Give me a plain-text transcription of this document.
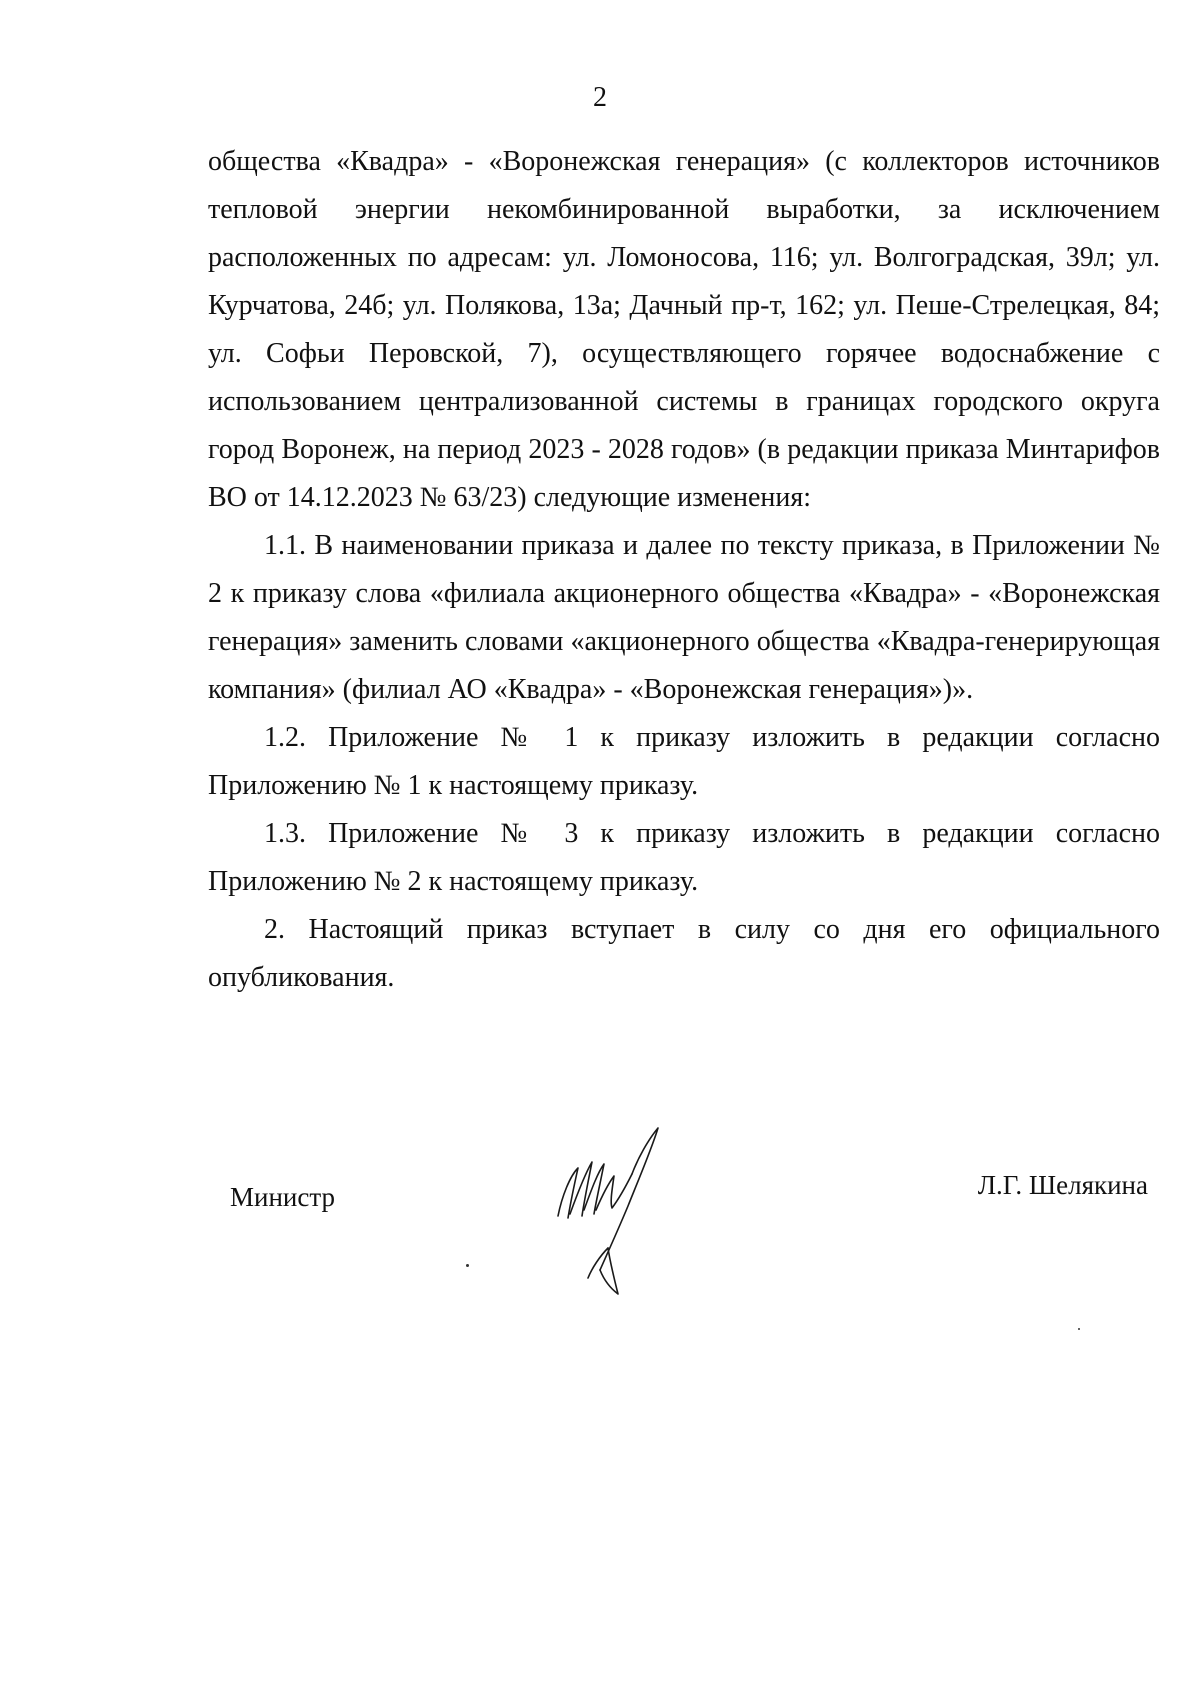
2

общества «Квадра» - «Воронежская генерация» (с коллекторов источников тепловой энергии некомбинированной выработки, за исключением расположенных по адресам: ул. Ломоносова, 116; ул. Волгоградская, 39л; ул. Курчатова, 24б; ул. Полякова, 13а; Дачный пр-т, 162; ул. Пеше-Стрелецкая, 84; ул. Софьи Перовской, 7), осуществляющего горячее водоснабжение с использованием централизованной системы в границах городского округа город Воронеж, на период 2023 - 2028 годов» (в редакции приказа Минтарифов ВО от 14.12.2023 № 63/23) следующие изменения:

1.1. В наименовании приказа и далее по тексту приказа, в Приложении № 2 к приказу слова «филиала акционерного общества «Квадра» - «Воронежская генерация» заменить словами «акционерного общества «Квадра-генерирующая компания» (филиал АО «Квадра» - «Воронежская генерация»)».

1.2. Приложение № 1 к приказу изложить в редакции согласно Приложению № 1 к настоящему приказу.

1.3. Приложение № 3 к приказу изложить в редакции согласно Приложению № 2 к настоящему приказу.

2. Настоящий приказ вступает в силу со дня его официального опубликования.

Министр	Л.Г. Шелякина
